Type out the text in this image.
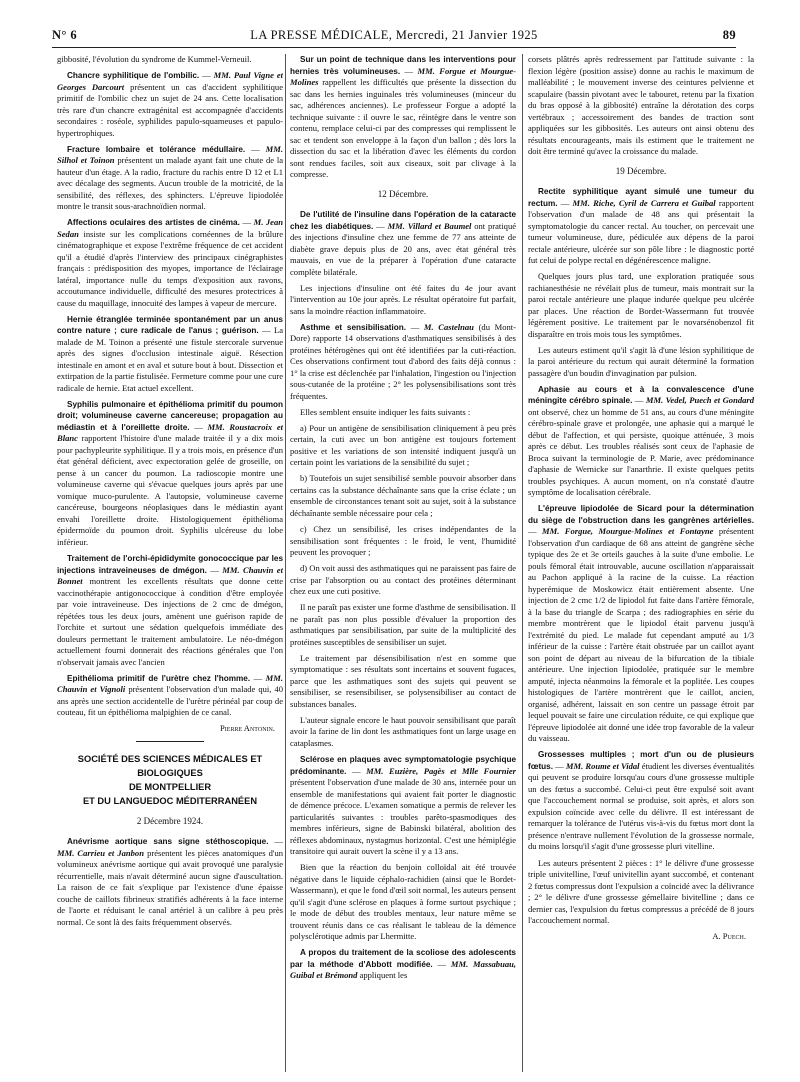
N° 6	LA PRESSE MÉDICALE, Mercredi, 21 Janvier 1925	89

gibbosité, l'évolution du syndrome de Kummel-Verneuil.

Chancre syphilitique de l'ombilic. — MM. Paul Vigne et Georges Darcourt présentent un cas d'accident syphilitique primitif de l'ombilic chez un sujet de 24 ans. Cette localisation très rare d'un chancre extragénital est accompagnée d'accidents secondaires : roséole, syphilides papulo-squameuses et papulo-hypertrophiques.

Fracture lombaire et tolérance médullaire. — MM. Silhol et Toinon présentent un malade ayant fait une chute de la hauteur d'un étage. A la radio, fracture du rachis entre D 12 et L1 avec décalage des segments. Aucun trouble de la motricité, de la sensibilité, des réflexes, des sphincters. L'épreuve lipiodolée montre le transit sous-arachnoïdien normal.

Affections oculaires des artistes de cinéma. — M. Jean Sedan insiste sur les complications cornéennes de la brûlure cinématographique et expose l'extrême fréquence de cet accident qu'il a étudié d'après l'interview des principaux cinégraphistes français : prédisposition des myopes, importance de l'éclairage latéral, importance nulle du temps d'exposition aux ravons, accoutumance individuelle, difficulté des mesures protectrices à cause du maquillage, innocuité des lampes à vapeur de mercure.

Hernie étranglée terminée spontanément par un anus contre nature ; cure radicale de l'anus ; guérison. — La malade de M. Toinon a présenté une fistule stercorale survenue après des signes d'occlusion intestinale aiguë. Résection intestinale en amont et en aval et suture bout à bout. Dissection et extirpation de la partie fistulisée. Fermeture comme pour une cure radicale de hernie. Etat actuel excellent.

Syphilis pulmonaire et épithélioma primitif du poumon droit; volumineuse caverne cancereuse; propagation au médiastin et à l'oreillette droite. — MM. Roustacroix et Blanc rapportent l'histoire d'une malade traitée il y a dix mois pour pachypleurite syphilitique. Il y a trois mois, en présence d'un état général déficient, avec expectoration gelée de groseille, on pense à un cancer du poumon. La radioscopie montre une volumineuse caverne qui s'évacue quelques jours après par une vomique muco-purulente. A l'autopsie, volumineuse caverne cancéreuse, bourgeons néoplasiques dans le médiastin ayant envahi l'oreillette droite. Histologiquement épithélioma épidermoïde du poumon droit. Syphilis ulcéreuse du lobe inférieur.

Traitement de l'orchi-épididymite gonococcique par les injections intraveineuses de dmégon. — MM. Chauvin et Bonnet montrent les excellents résultats que donne cette vaccinothérapie antigonococcique à condition d'être employée par voie intraveineuse. Des injections de 2 cmc de dmégon, répétées tous les deux jours, amènent une guérison rapide de l'orchite et surtout une sédation quelquefois immédiate des douleurs permettant le traitement ambulatoire. Le néo-dmégon actuellement fourni donnerait des réactions générales que l'on n'observait jamais avec l'ancien

Epithélioma primitif de l'urètre chez l'homme. — MM. Chauvin et Vignoli présentent l'observation d'un malade qui, 40 ans après une section accidentelle de l'urètre périnéal par coup de couteau, fit un épithélioma malpighien de ce canal.

Pierre Antonin.

SOCIÉTÉ DES SCIENCES MÉDICALES ET BIOLOGIQUES
DE MONTPELLIER
ET DU LANGUEDOC MÉDITERRANÉEN

2 Décembre 1924.

Anévrisme aortique sans signe stéthoscopique. — MM. Carrieu et Janbon présentent les pièces anatomiques d'un volumineux anévrisme aortique qui avait provoqué une paralysie récurrentielle, mais n'avait déterminé aucun signe d'auscultation. La raison de ce fait s'explique par l'existence d'une épaisse couche de caillots fibrineux stratifiés adhérents à la face interne de l'aorte et réduisant le canal artériel à un calibre à peu près normal. Ce sont là des faits fréquemment observés.

Sur un point de technique dans les interventions pour hernies très volumineuses. — MM. Forgue et Mourgue-Molines rappellent les difficultés que présente la dissection du sac dans les hernies inguinales très volumineuses (minceur du sac, adhérences anciennes). Le professeur Forgue a adopté la technique suivante : il ouvre le sac, réintègre dans le ventre son contenu, remplace celui-ci par des compresses qui remplissent le sac et tendent son enveloppe à la façon d'un ballon ; dès lors la dissection du sac et la libération d'avec les éléments du cordon sont rendues faciles, soit aux ciseaux, soit par clivage à la compresse.

12 Décembre.

De l'utilité de l'insuline dans l'opération de la cataracte chez les diabétiques. — MM. Villard et Baumel ont pratiqué des injections d'insuline chez une femme de 77 ans atteinte de diabète grave depuis plus de 20 ans, avec état général très mauvais, en vue de la préparer à l'opération d'une cataracte complète bilatérale.

Les injections d'insuline ont été faites du 4e jour avant l'intervention au 10e jour après. Le résultat opératoire fut parfait, sans la moindre réaction inflammatoire.

Asthme et sensibilisation. — M. Castelnau (du Mont-Dore) rapporte 14 observations d'asthmatiques sensibilisés à des protéines hétérogènes qui ont été identifiées par la cuti-réaction. Ces observations confirment tout d'abord des faits déjà connus : 1° la crise est déclenchée par l'inhalation, l'ingestion ou l'injection sous-cutanée de la protéine ; 2° les polysensibilisations sont très fréquentes.

Elles semblent ensuite indiquer les faits suivants :

a) Pour un antigène de sensibilisation cliniquement à peu près certain, la cuti avec un bon antigène est toujours fortement positive et les variations de son intensité indiquent jusqu'à un certain point les variations de la sensibilité du sujet ;

b) Toutefois un sujet sensibilisé semble pouvoir absorber dans certains cas la substance déchaînante sans que la crise éclate ; un ensemble de circonstances tenant soit au sujet, soit à la substance déchaînante semble nécessaire pour cela ;

c) Chez un sensibilisé, les crises indépendantes de la sensibilisation sont fréquentes : le froid, le vent, l'humidité peuvent les provoquer ;

d) On voit aussi des asthmatiques qui ne paraissent pas faire de crise par l'absorption ou au contact des protéines déterminant chez eux une cuti positive.

Il ne paraît pas exister une forme d'asthme de sensibilisation. Il ne paraît pas non plus possible d'évaluer la proportion des asthmatiques par sensibilisation, par suite de la multiplicité des protéines susceptibles de sensibiliser un sujet.

Le traitement par désensibilisation n'est en somme que symptomatique : ses résultats sont incertains et souvent fugaces, parce que les asthmatiques sont des sujets qui peuvent se sensibiliser, se resensibiliser, se polysensibiliser au contact de substances banales.

L'auteur signale encore le haut pouvoir sensibilisant que paraît avoir la farine de lin dont les asthmatiques font un large usage en cataplasmes.

Sclérose en plaques avec symptomatologie psychique prédominante. — MM. Euzière, Pagès et Mlle Fournier présentent l'observation d'une malade de 30 ans, internée pour un ensemble de manifestations qui avaient fait porter le diagnostic de démence précoce. L'examen somatique a permis de relever les particularités suivantes : troubles parêto-spasmodiques des membres inférieurs, signe de Babinski bilatéral, abolition des réflexes abdominaux, nystagmus horizontal. C'est une hémiplégie transitoire qui aurait ouvert la scène il y a 13 ans.

Bien que la réaction du benjoin colloïdal ait été trouvée négative dans le liquide céphalo-rachidien (ainsi que le Bordet-Wassermann), et que le fond d'œil soit normal, les auteurs pensent qu'il s'agit d'une sclérose en plaques à forme surtout psychique ; le mode de début des troubles mentaux, leur nature même se trouvent réunis dans ce cas réalisant le tableau de la démence polysclérotique admis par Lhermitte.

A propos du traitement de la scoliose des adolescents par la méthode d'Abbott modifiée. — MM. Massabuau, Guibal et Brémond appliquent les

corsets plâtrés après redressement par l'attitude suivante : la flexion légère (position assise) donne au rachis le maximum de malléabilité ; le mouvement inverse des ceintures pelvienne et scapulaire (bassin pivotant avec le tabouret, retenu par la fixation du bras opposé à la gibbosité) entraîne la dérotation des corps vertébraux ; accessoirement des bandes de traction sont appliquées sur les gibbosités. Les auteurs ont ainsi obtenu des résultats encourageants, mais ils estiment que le traitement ne doit être terminé qu'avec la croissance du malade.

19 Décembre.

Rectite syphilitique ayant simulé une tumeur du rectum. — MM. Riche, Cyril de Carrera et Guibal rapportent l'observation d'un malade de 48 ans qui présentait la symptomatologie du cancer rectal. Au toucher, on percevait une tumeur volumineuse, dure, pédiculée aux dépens de la paroi rectale antérieure, ulcérée sur son pôle libre : le diagnostic porté fut celui de polype rectal en dégénérescence maligne.

Quelques jours plus tard, une exploration pratiquée sous rachianesthésie ne révélait plus de tumeur, mais montrait sur la paroi rectale antérieure une plaque indurée quelque peu ulcérée par places. Une réaction de Bordet-Wassermann fut trouvée légèrement positive. Le traitement par le novarsénobenzol fit disparaître en trois mois tous les symptômes.

Les auteurs estiment qu'il s'agit là d'une lésion syphilitique de la paroi antérieure du rectum qui aurait déterminé la formation passagère d'un boudin d'invagination par pulsion.

Aphasie au cours et à la convalescence d'une méningite cérébro spinale. — MM. Vedel, Puech et Gondard ont observé, chez un homme de 51 ans, au cours d'une méningite cérébro-spinale grave et prolongée, une aphasie qui a marqué le début de l'affection, et qui persiste, quoique atténuée, 3 mois après ce début. Les troubles réalisés sont ceux de l'aphasie de Broca suivant la terminologie de P. Marie, avec prédominance d'aphasie de Wernicke sur l'anarthrie. Il existe quelques petits troubles psychiques. A aucun moment, on n'a constaté d'autre symptôme de localisation cérébrale.

L'épreuve lipiodolée de Sicard pour la détermination du siège de l'obstruction dans les gangrènes artérielles. — MM. Forgue, Mourgue-Molines et Fontayne présentent l'observation d'un cardiaque de 68 ans atteint de gangrène sèche typique des 2e et 3e orteils gauches à la suite d'une embolie. Le pouls fémoral était introuvable, aucune oscillation n'apparaissait au Pachon appliqué à la racine de la cuisse. La réaction hyperémique de Moskowicz était entièrement absente. Une injection de 2 cmc 1/2 de lipiodol fut faite dans l'artère fémorale, à la base du triangle de Scarpa ; des radiographies en série du membre montrèrent que le lipiodol était parvenu jusqu'à l'extrémité du pied. Le malade fut cependant amputé au 1/3 inférieur de la cuisse : l'artère était obstruée par un caillot ayant son point de départ au niveau de la bifurcation de la tibiale antérieure. Une injection lipiodolée, pratiquée sur le membre amputé, injecta néanmoins la fémorale et la poplitée. Les coupes histologiques de l'artère montrèrent que le caillot, ancien, organisé, adhérent, laissait en son centre un passage étroit par lequel pouvait se faire une circulation réduite, ce qui explique que l'épreuve lipiodolée ait donné une idée trop favorable de la valeur du vaisseau.

Grossesses multiples ; mort d'un ou de plusieurs fœtus. — MM. Roume et Vidal étudient les diverses éventualités qui peuvent se produire lorsqu'au cours d'une grossesse multiple un des fœtus a succombé. Celui-ci peut être expulsé soit avant que l'accouchement normal se produise, soit après, et alors son expulsion coïncide avec celle du délivre. Il est intéressant de remarquer la tolérance de l'utérus vis-à-vis du fœtus mort dont la présence n'entrave nullement l'évolution de la grossesse normale, du moins lorsqu'il s'agit d'une grossesse pluri vitelline.

Les auteurs présentent 2 pièces : 1° le délivre d'une grossesse triple univitelline, l'œuf univitellin ayant succombé, et contenant 2 fœtus compressus dont l'expulsion a coïncidé avec la délivrance ; 2° le délivre d'une grossesse gémellaire bivitelline ; dans ce dernier cas, l'expulsion du fœtus compressus a précédé de 8 jours l'accouchement normal.

A. Puech.
